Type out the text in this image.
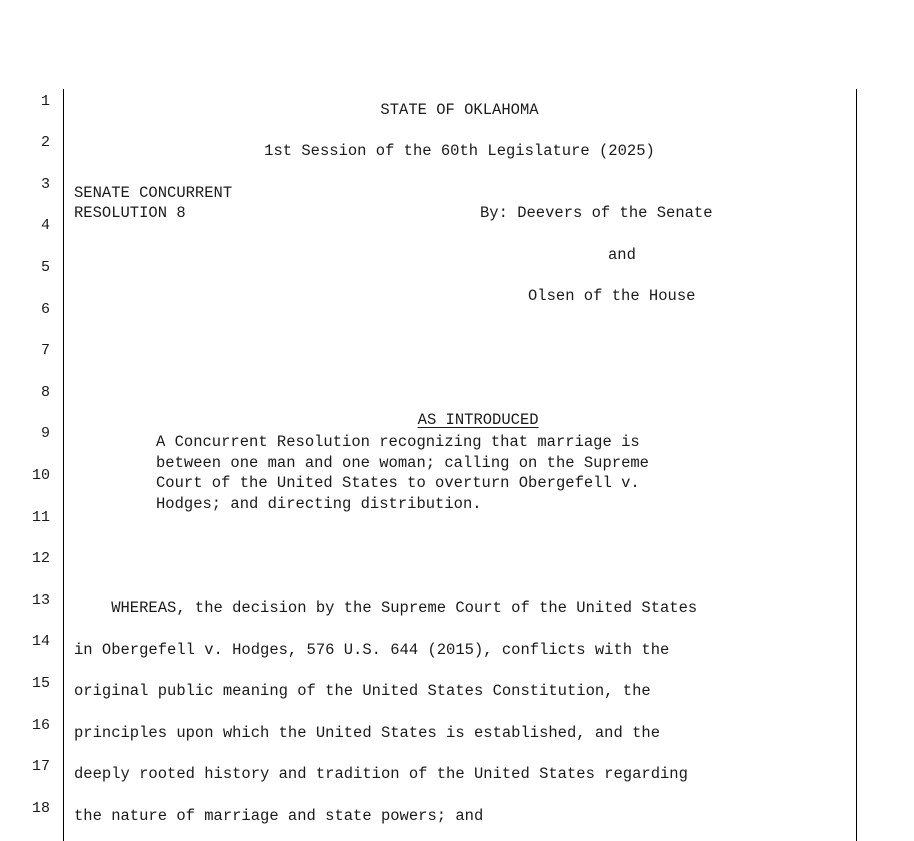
1
2
3
4
5
6
7
8
9
10
11
12
13
14
15
16
17
18
STATE OF OKLAHOMA
1st Session of the 60th Legislature (2025)
SENATE CONCURRENT
RESOLUTION 8	By: Deevers of the Senate
and
Olsen of the House

AS INTRODUCED

A Concurrent Resolution recognizing that marriage is
between one man and one woman; calling on the Supreme
Court of the United States to overturn Obergefell v.
Hodges; and directing distribution.
WHEREAS, the decision by the Supreme Court of the United States
in Obergefell v. Hodges, 576 U.S. 644 (2015), conflicts with the
original public meaning of the United States Constitution, the
principles upon which the United States is established, and the
deeply rooted history and tradition of the United States regarding
the nature of marriage and state powers; and
